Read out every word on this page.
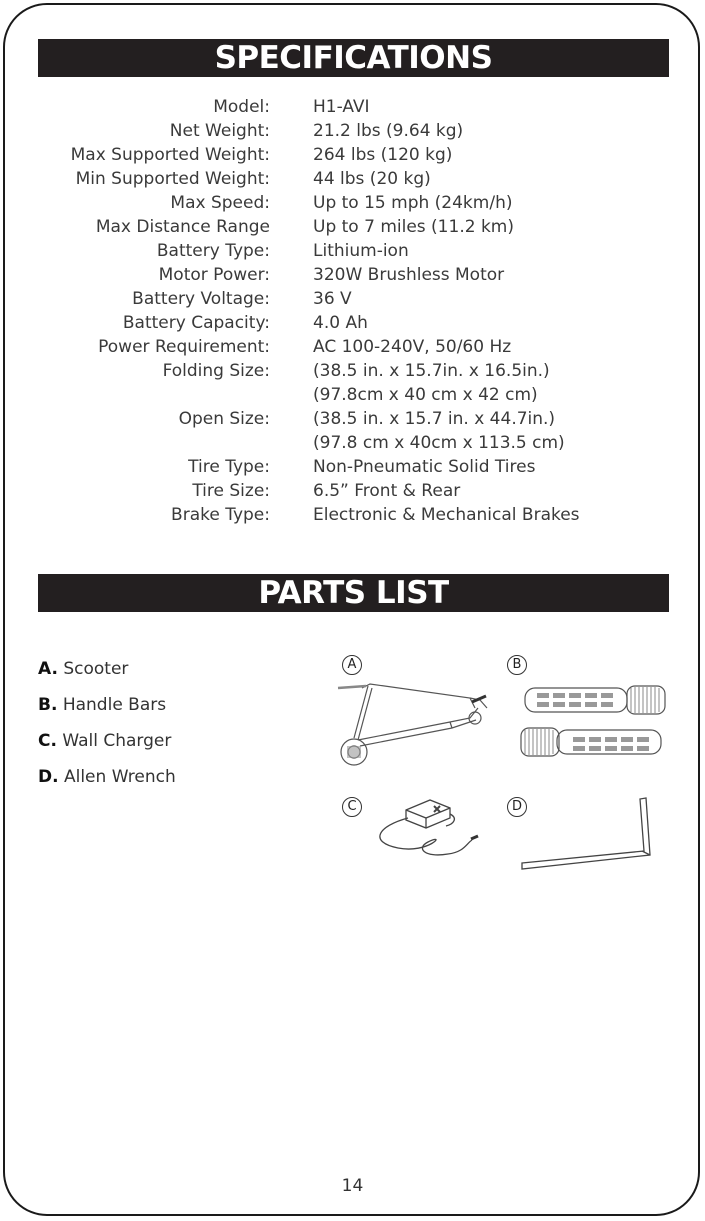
SPECIFICATIONS
Model:	H1-AVI
Net Weight:	21.2 lbs (9.64 kg)
Max Supported Weight:	264 lbs (120 kg)
Min Supported Weight:	44 lbs (20 kg)
Max Speed:	Up to 15 mph (24km/h)
Max Distance Range	Up to 7 miles (11.2 km)
Battery Type:	Lithium-ion
Motor Power:	320W Brushless Motor
Battery Voltage:	36 V
Battery Capacity:	4.0 Ah
Power Requirement:	AC 100-240V, 50/60 Hz
Folding Size:	(38.5 in. x 15.7in. x 16.5in.)
(97.8cm x 40 cm x 42 cm)
Open Size:	(38.5 in. x 15.7 in. x 44.7in.)
(97.8 cm x 40cm x 113.5 cm)
Tire Type:	Non-Pneumatic Solid Tires
Tire Size:	6.5” Front & Rear
Brake Type:	Electronic & Mechanical Brakes
PARTS LIST
A. Scooter
B. Handle Bars
C. Wall Charger
D. Allen Wrench
A	B
C	D
14
